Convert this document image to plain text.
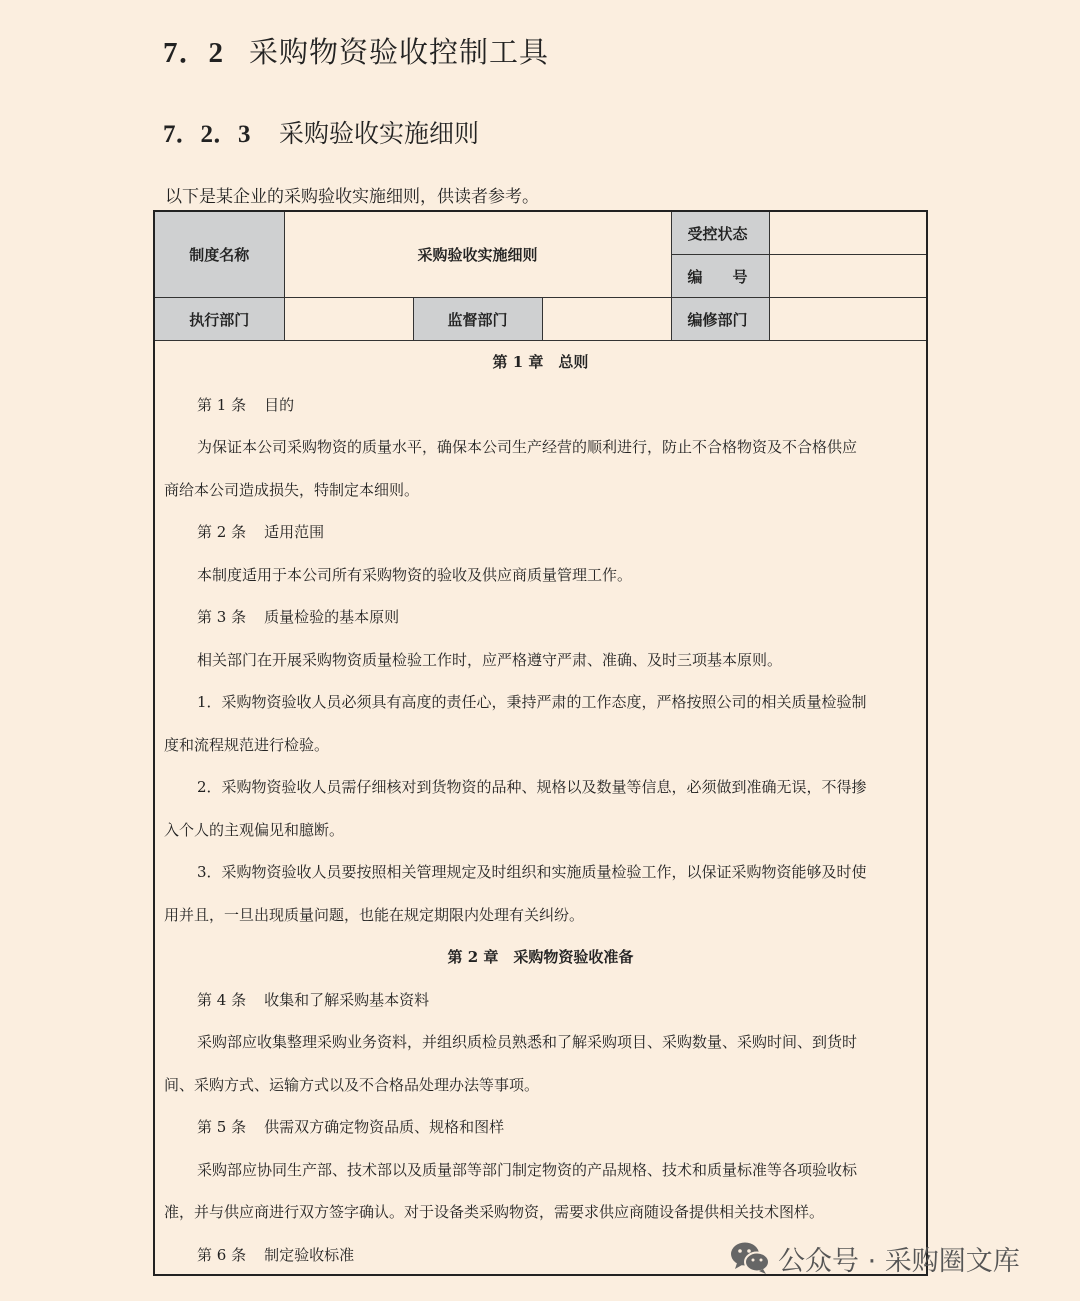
7．2 采购物资验收控制工具
7．2．3 采购验收实施细则
以下是某企业的采购验收实施细则，供读者参考。
制度名称	采购验收实施细则			受控状态	
				编　　号	
执行部门		监督部门		编修部门	
第 1 章　总则
第 1 条 目的
为保证本公司采购物资的质量水平，确保本公司生产经营的顺利进行，防止不合格物资及不合格供应
商给本公司造成损失，特制定本细则。
第 2 条 适用范围
本制度适用于本公司所有采购物资的验收及供应商质量管理工作。
第 3 条 质量检验的基本原则
相关部门在开展采购物资质量检验工作时，应严格遵守严肃、准确、及时三项基本原则。
1．采购物资验收人员必须具有高度的责任心，秉持严肃的工作态度，严格按照公司的相关质量检验制
度和流程规范进行检验。
2．采购物资验收人员需仔细核对到货物资的品种、规格以及数量等信息，必须做到准确无误，不得掺
入个人的主观偏见和臆断。
3．采购物资验收人员要按照相关管理规定及时组织和实施质量检验工作，以保证采购物资能够及时使
用并且，一旦出现质量问题，也能在规定期限内处理有关纠纷。
第 2 章　采购物资验收准备
第 4 条 收集和了解采购基本资料
采购部应收集整理采购业务资料，并组织质检员熟悉和了解采购项目、采购数量、采购时间、到货时
间、采购方式、运输方式以及不合格品处理办法等事项。
第 5 条 供需双方确定物资品质、规格和图样
采购部应协同生产部、技术部以及质量部等部门制定物资的产品规格、技术和质量标准等各项验收标
准，并与供应商进行双方签字确认。对于设备类采购物资，需要求供应商随设备提供相关技术图样。
第 6 条 制定验收标准	公众号 · 采购圈文库
